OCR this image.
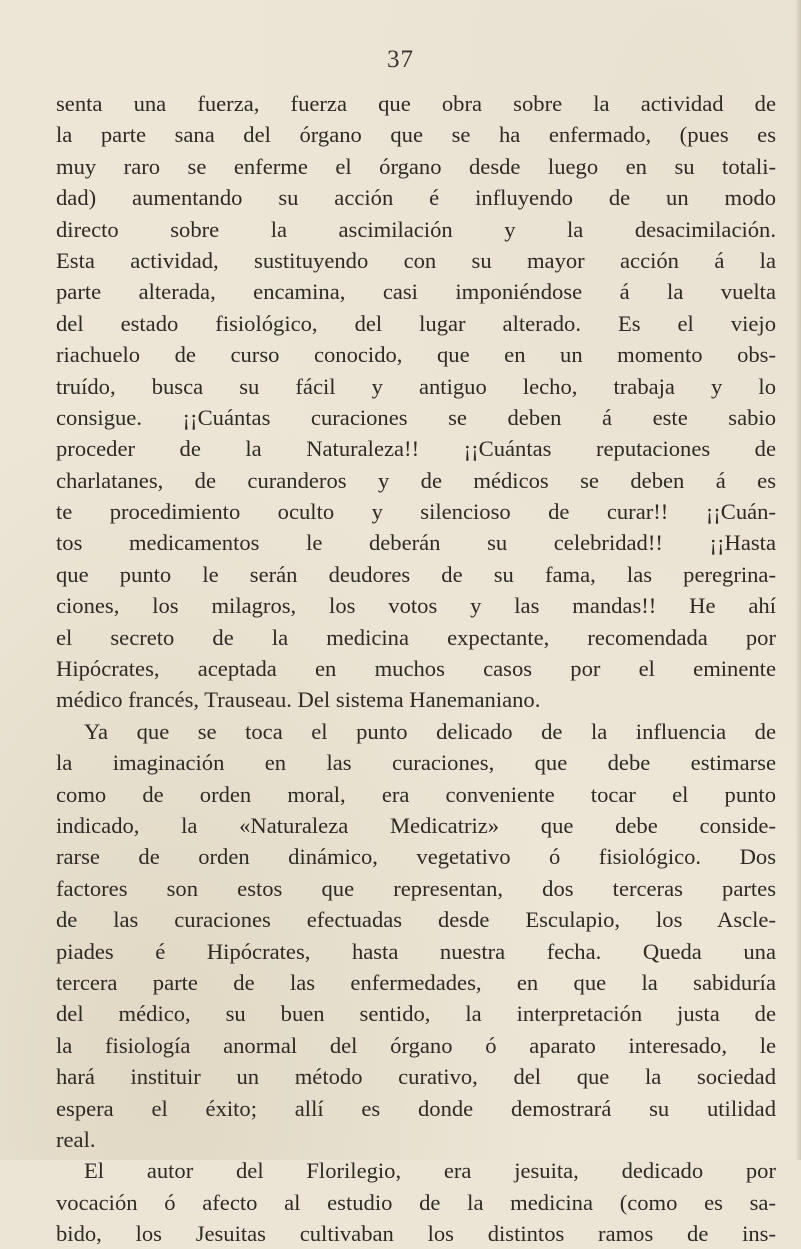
37
senta una fuerza, fuerza que obra sobre la actividad de
la parte sana del órgano que se ha enfermado, (pues es
muy raro se enferme el órgano desde luego en su totali-
dad) aumentando su acción é influyendo de un modo
directo sobre la ascimilación y la desacimilación.
Esta actividad, sustituyendo con su mayor acción á la
parte alterada, encamina, casi imponiéndose á la vuelta
del estado fisiológico, del lugar alterado. Es el viejo
riachuelo de curso conocido, que en un momento obs-
truído, busca su fácil y antiguo lecho, trabaja y lo
consigue. ¡¡Cuántas curaciones se deben á este sabio
proceder de la Naturaleza!! ¡¡Cuántas reputaciones de
charlatanes, de curanderos y de médicos se deben á es
te procedimiento oculto y silencioso de curar!! ¡¡Cuán-
tos medicamentos le deberán su celebridad!! ¡¡Hasta
que punto le serán deudores de su fama, las peregrina-
ciones, los milagros, los votos y las mandas!! He ahí
el secreto de la medicina expectante, recomendada por
Hipócrates, aceptada en muchos casos por el eminente
médico francés, Trauseau. Del sistema Hanemaniano.
Ya que se toca el punto delicado de la influencia de
la imaginación en las curaciones, que debe estimarse
como de orden moral, era conveniente tocar el punto
indicado, la «Naturaleza Medicatriz» que debe conside-
rarse de orden dinámico, vegetativo ó fisiológico. Dos
factores son estos que representan, dos terceras partes
de las curaciones efectuadas desde Esculapio, los Ascle-
piades é Hipócrates, hasta nuestra fecha. Queda una
tercera parte de las enfermedades, en que la sabiduría
del médico, su buen sentido, la interpretación justa de
la fisiología anormal del órgano ó aparato interesado, le
hará instituir un método curativo, del que la sociedad
espera el éxito; allí es donde demostrará su utilidad
real.
El autor del Florilegio, era jesuita, dedicado por
vocación ó afecto al estudio de la medicina (como es sa-
bido, los Jesuitas cultivaban los distintos ramos de ins-
